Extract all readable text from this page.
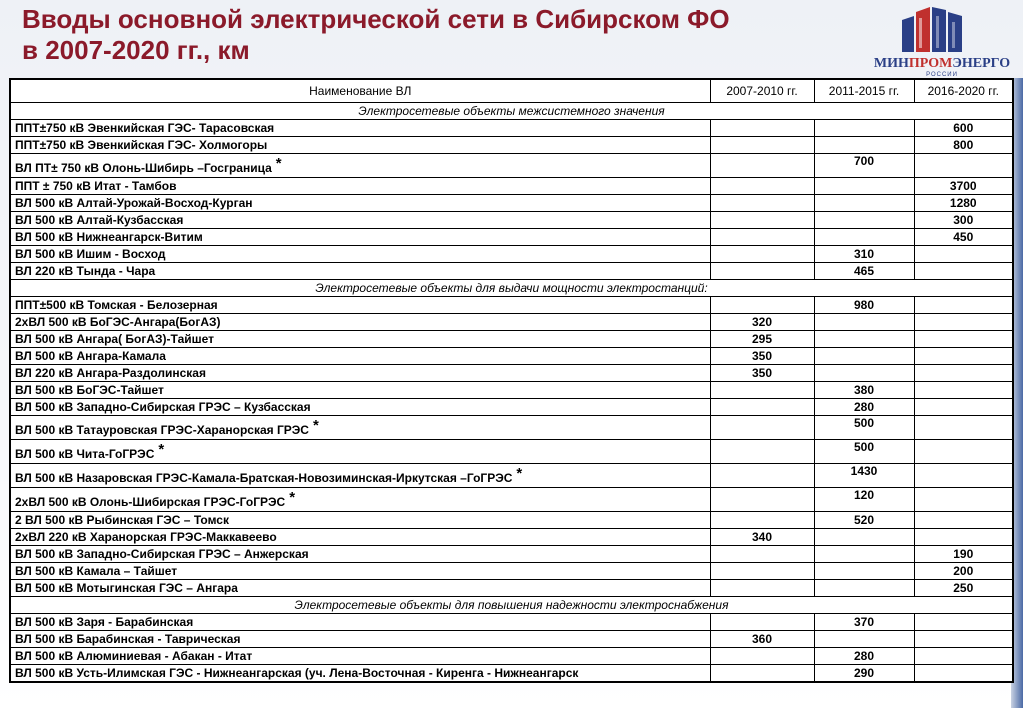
Вводы основной электрической сети в Сибирском ФО
в 2007-2020 гг., км	МИНПРОМЭНЕРГО
РОССИИ
Наименование ВЛ	2007-2010 гг.	2011-2015 гг.	2016-2020 гг.
Электросетевые объекты межсистемного значения			
ППТ±750 кВ Эвенкийская ГЭС- Тарасовская			600
ППТ±750 кВ Эвенкийская ГЭС- Холмогоры			800
ВЛ ПТ± 750 кВ Олонь-Шибирь –Госграница *		700	
ППТ ± 750 кВ Итат - Тамбов			3700
ВЛ 500 кВ Алтай-Урожай-Восход-Курган			1280
ВЛ 500 кВ Алтай-Кузбасская			300
ВЛ 500 кВ Нижнеангарск-Витим			450
ВЛ 500 кВ Ишим - Восход		310	
ВЛ 220 кВ Тында - Чара		465	
Электросетевые объекты для выдачи мощности электростанций:			
ППТ±500 кВ Томская - Белозерная		980	
2хВЛ 500 кВ БоГЭС-Ангара(БогАЗ)	320		
ВЛ 500 кВ Ангара( БогАЗ)-Тайшет	295		
ВЛ 500 кВ Ангара-Камала	350		
ВЛ 220 кВ Ангара-Раздолинская	350		
ВЛ 500 кВ БоГЭС-Тайшет		380	
ВЛ 500 кВ Западно-Сибирская ГРЭС – Кузбасская		280	
ВЛ 500 кВ Татауровская ГРЭС-Харанорская ГРЭС *		500	
ВЛ 500 кВ Чита-ГоГРЭС *		500	
ВЛ 500 кВ Назаровская ГРЭС-Камала-Братская-Новозиминская-Иркутская –ГоГРЭС *		1430	
2хВЛ 500 кВ Олонь-Шибирская ГРЭС-ГоГРЭС *		120	
2 ВЛ 500 кВ Рыбинская ГЭС – Томск		520	
2хВЛ 220 кВ Харанорская ГРЭС-Маккавеево	340		
ВЛ 500 кВ Западно-Сибирская ГРЭС – Анжерская			190
ВЛ 500 кВ Камала – Тайшет			200
ВЛ 500 кВ Мотыгинская ГЭС – Ангара			250
Электросетевые объекты для повышения надежности электроснабжения			
ВЛ 500 кВ Заря - Барабинская		370	
ВЛ 500 кВ Барабинская - Таврическая	360		
ВЛ 500 кВ Алюминиевая - Абакан - Итат		280	
ВЛ 500 кВ Усть-Илимская ГЭС - Нижнеангарская (уч. Лена-Восточная - Киренга - Нижнеангарск		290	
